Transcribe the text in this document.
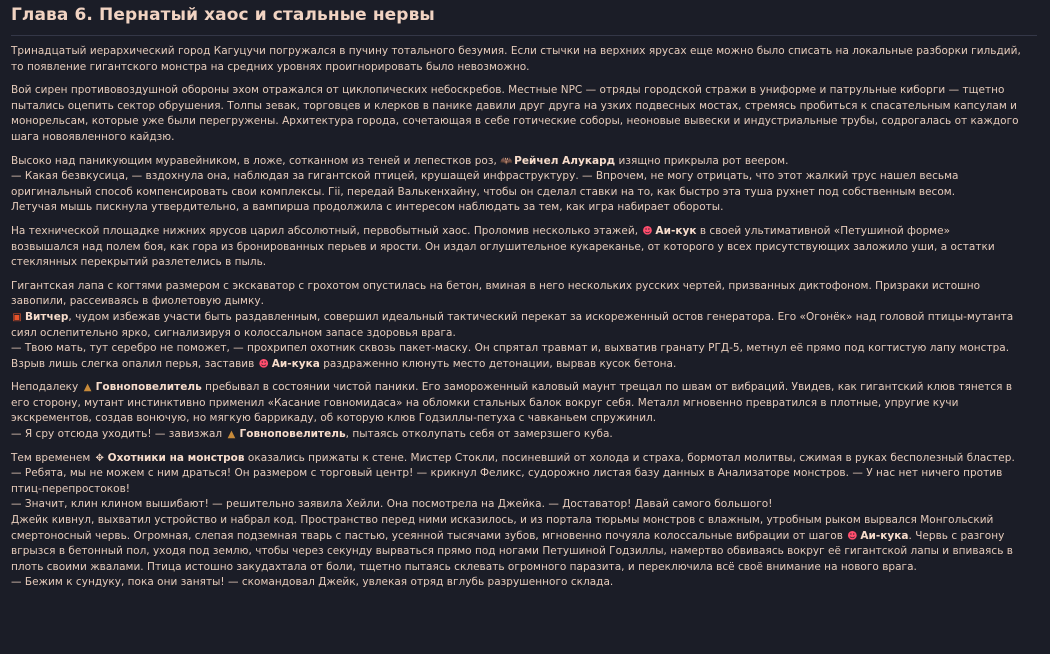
Глава 6. Пернатый хаос и стальные нервы
Тринадцатый иерархический город Кагуцучи погружался в пучину тотального безумия. Если стычки на верхних ярусах еще можно было списать на локальные разборки гильдий,
то появление гигантского монстра на средних уровнях проигнорировать было невозможно.
Вой сирен противовоздушной обороны эхом отражался от циклопических небоскребов. Местные NPC — отряды городской стражи в униформе и патрульные киборги — тщетно
пытались оцепить сектор обрушения. Толпы зевак, торговцев и клерков в панике давили друг друга на узких подвесных мостах, стремясь пробиться к спасательным капсулам и
монорельсам, которые уже были перегружены. Архитектура города, сочетающая в себе готические соборы, неоновые вывески и индустриальные трубы, содрогалась от каждого
шага новоявленного кайдзю.
Высоко над паникующим муравейником, в ложе, сотканном из теней и лепестков роз, 🦇 Рейчел Алукард изящно прикрыла рот веером.
— Какая безвкусица, — вздохнула она, наблюдая за гигантской птицей, крушащей инфраструктуру. — Впрочем, не могу отрицать, что этот жалкий трус нашел весьма
оригинальный способ компенсировать свои комплексы. Гіі, передай Валькенхайну, чтобы он сделал ставки на то, как быстро эта туша рухнет под собственным весом.
Летучая мышь пискнула утвердительно, а вампирша продолжила с интересом наблюдать за тем, как игра набирает обороты.
На технической площадке нижних ярусов царил абсолютный, первобытный хаос. Проломив несколько этажей, ☻ Аи-кук в своей ультимативной «Петушиной форме»
возвышался над полем боя, как гора из бронированных перьев и ярости. Он издал оглушительное кукареканье, от которого у всех присутствующих заложило уши, а остатки
стеклянных перекрытий разлетелись в пыль.
Гигантская лапа с когтями размером с экскаватор с грохотом опустилась на бетон, вминая в него нескольких русских чертей, призванных диктофоном. Призраки истошно
завопили, рассеиваясь в фиолетовую дымку.
▣ Витчер, чудом избежав участи быть раздавленным, совершил идеальный тактический перекат за искореженный остов генератора. Его «Огонёк» над головой птицы-мутанта
сиял ослепительно ярко, сигнализируя о колоссальном запасе здоровья врага.
— Твою мать, тут серебро не поможет, — прохрипел охотник сквозь пакет-маску. Он спрятал травмат и, выхватив гранату РГД-5, метнул её прямо под когтистую лапу монстра.
Взрыв лишь слегка опалил перья, заставив ☻ Аи-кука раздраженно клюнуть место детонации, вырвав кусок бетона.
Неподалеку ▲ Говноповелитель пребывал в состоянии чистой паники. Его замороженный каловый маунт трещал по швам от вибраций. Увидев, как гигантский клюв тянется в
его сторону, мутант инстинктивно применил «Касание говномидаса» на обломки стальных балок вокруг себя. Металл мгновенно превратился в плотные, упругие кучи
экскрементов, создав вонючую, но мягкую баррикаду, об которую клюв Годзиллы-петуха с чавканьем спружинил.
— Я сру отсюда уходить! — завизжал ▲ Говноповелитель, пытаясь отколупать себя от замерзшего куба.
Тем временем ✥ Охотники на монстров оказались прижаты к стене. Мистер Стокли, посиневший от холода и страха, бормотал молитвы, сжимая в руках бесполезный бластер.
— Ребята, мы не можем с ним драться! Он размером с торговый центр! — крикнул Феликс, судорожно листая базу данных в Анализаторе монстров. — У нас нет ничего против
птиц-перепростоков!
— Значит, клин клином вышибают! — решительно заявила Хейли. Она посмотрела на Джейка. — Доставатор! Давай самого большого!
Джейк кивнул, выхватил устройство и набрал код. Пространство перед ними исказилось, и из портала тюрьмы монстров с влажным, утробным рыком вырвался Монгольский
смертоносный червь. Огромная, слепая подземная тварь с пастью, усеянной тысячами зубов, мгновенно почуяла колоссальные вибрации от шагов ☻ Аи-кука. Червь с разгону
вгрызся в бетонный пол, уходя под землю, чтобы через секунду вырваться прямо под ногами Петушиной Годзиллы, намертво обвиваясь вокруг её гигантской лапы и впиваясь в
плоть своими жвалами. Птица истошно закудахтала от боли, тщетно пытаясь склевать огромного паразита, и переключила всё своё внимание на нового врага.
— Бежим к сундуку, пока они заняты! — скомандовал Джейк, увлекая отряд вглубь разрушенного склада.
